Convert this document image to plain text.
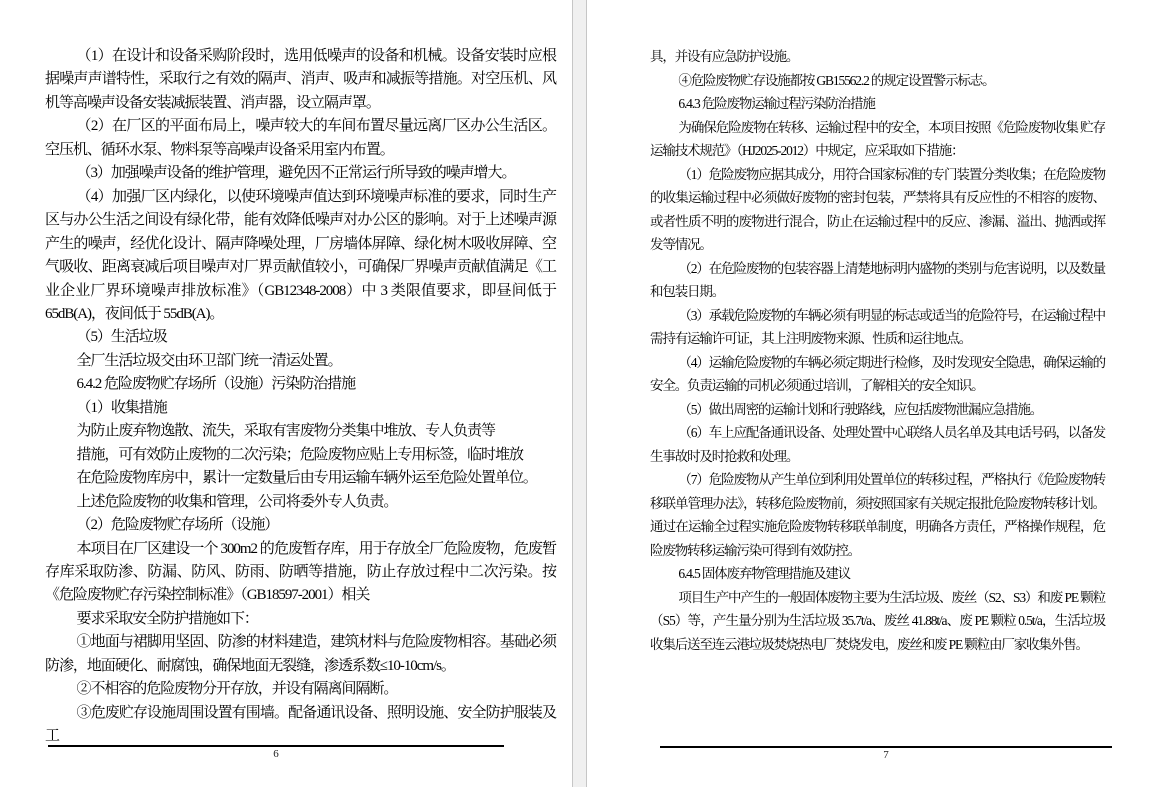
（1）在设计和设备采购阶段时，选用低噪声的设备和机械。设备安装时应根据噪声声谱特性，采取行之有效的隔声、消声、吸声和减振等措施。对空压机、风机等高噪声设备安装减振装置、消声器，设立隔声罩。

（2）在厂区的平面布局上，噪声较大的车间布置尽量远离厂区办公生活区。空压机、循环水泵、物料泵等高噪声设备采用室内布置。

（3）加强噪声设备的维护管理，避免因不正常运行所导致的噪声增大。

（4）加强厂区内绿化，以使环境噪声值达到环境噪声标准的要求，同时生产区与办公生活之间设有绿化带，能有效降低噪声对办公区的影响。对于上述噪声源产生的噪声，经优化设计、隔声降噪处理，厂房墙体屏障、绿化树木吸收屏障、空气吸收、距离衰减后项目噪声对厂界贡献值较小，可确保厂界噪声贡献值满足《工业企业厂界环境噪声排放标准》（GB12348-2008）中 3 类限值要求，即昼间低于 65dB(A)，夜间低于 55dB(A)。

（5）生活垃圾

全厂生活垃圾交由环卫部门统一清运处置。

6.4.2 危险废物贮存场所（设施）污染防治措施

（1）收集措施

为防止废弃物逸散、流失，采取有害废物分类集中堆放、专人负责等

措施，可有效防止废物的二次污染；危险废物应贴上专用标签，临时堆放

在危险废物库房中，累计一定数量后由专用运输车辆外运至危险处置单位。

上述危险废物的收集和管理，公司将委外专人负责。

（2）危险废物贮存场所（设施）

本项目在厂区建设一个 300m2 的危废暂存库，用于存放全厂危险废物，危废暂存库采取防渗、防漏、防风、防雨、防晒等措施，防止存放过程中二次污染。按《危险废物贮存污染控制标准》（GB18597-2001）相关

要求采取安全防护措施如下：

①地面与裙脚用坚固、防渗的材料建造，建筑材料与危险废物相容。基础必须防渗，地面硬化、耐腐蚀，确保地面无裂缝，渗透系数≤10-10cm/s。

②不相容的危险废物分开存放，并设有隔离间隔断。

③危废贮存设施周围设置有围墙。配备通讯设备、照明设施、安全防护服装及工

6

具，并设有应急防护设施。

④危险废物贮存设施都按 GB15562.2 的规定设置警示标志。

6.4.3 危险废物运输过程污染防治措施

为确保危险废物在转移、运输过程中的安全，本项目按照《危险废物收集 贮存 运输技术规范》（HJ2025-2012）中规定，应采取如下措施：

（1）危险废物应据其成分，用符合国家标准的专门装置分类收集；在危险废物的收集运输过程中必须做好废物的密封包装，严禁将具有反应性的不相容的废物、或者性质不明的废物进行混合，防止在运输过程中的反应、渗漏、溢出、抛洒或挥发等情况。

（2）在危险废物的包装容器上清楚地标明内盛物的类别与危害说明，以及数量和包装日期。

（3）承载危险废物的车辆必须有明显的标志或适当的危险符号，在运输过程中需持有运输许可证，其上注明废物来源、性质和运往地点。

（4）运输危险废物的车辆必须定期进行检修，及时发现安全隐患，确保运输的安全。负责运输的司机必须通过培训，了解相关的安全知识。

（5）做出周密的运输计划和行驶路线，应包括废物泄漏应急措施。

（6）车上应配备通讯设备、处理处置中心联络人员名单及其电话号码，以备发生事故时及时抢救和处理。

（7）危险废物从产生单位到利用处置单位的转移过程，严格执行《危险废物转移联单管理办法》，转移危险废物前，须按照国家有关规定报批危险废物转移计划。通过在运输全过程实施危险废物转移联单制度，明确各方责任，严格操作规程，危险废物转移运输污染可得到有效防控。

6.4.5 固体废弃物管理措施及建议

项目生产中产生的一般固体废物主要为生活垃圾、废丝（S2、S3）和废 PE 颗粒（S5）等，产生量分别为生活垃圾 35.7t/a、废丝 41.88t/a、废 PE 颗粒 0.5t/a，生活垃圾收集后送至连云港垃圾焚烧热电厂焚烧发电，废丝和废 PE 颗粒由厂家收集外售。

7
